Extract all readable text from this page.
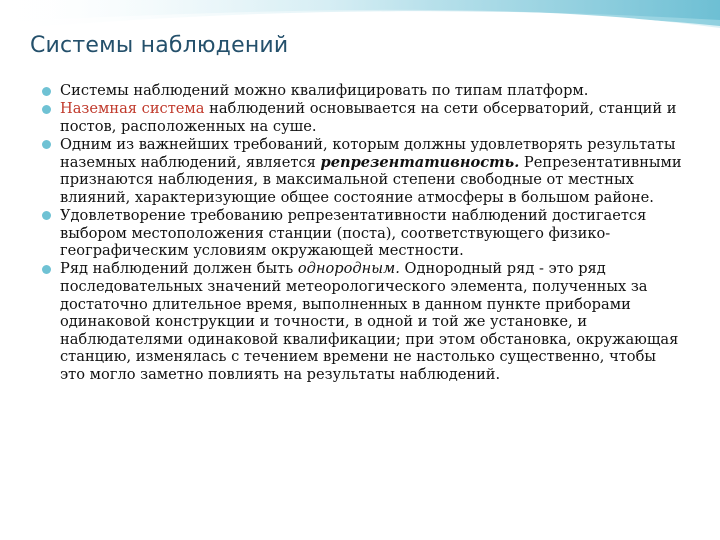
Системы наблюдений
Системы наблюдений можно квалифицировать по типам платформ.
Наземная система наблюдений основывается на сети обсерваторий, станций и постов, расположенных на суше.
Одним из важнейших требований, которым должны удовлетворять результаты наземных наблюдений, является репрезентативность. Репрезентативными признаются наблюдения, в максимальной степени свободные от местных влияний, характеризующие общее состояние атмосферы в большом районе.
Удовлетворение требованию репрезентативности наблюдений достигается выбором местоположения станции (поста), соответствующего физико-географическим условиям окружающей местности.
Ряд наблюдений должен быть однородным. Однородный ряд - это ряд последовательных значений метеорологического элемента, полученных за достаточно длительное время, выполненных в данном пункте приборами одинаковой конструкции и точности, в одной и той же установке, и наблюдателями одинаковой квалификации; при этом обстановка, окружающая станцию, изменялась с течением времени не настолько существенно, чтобы это могло заметно повлиять на результаты наблюдений.
